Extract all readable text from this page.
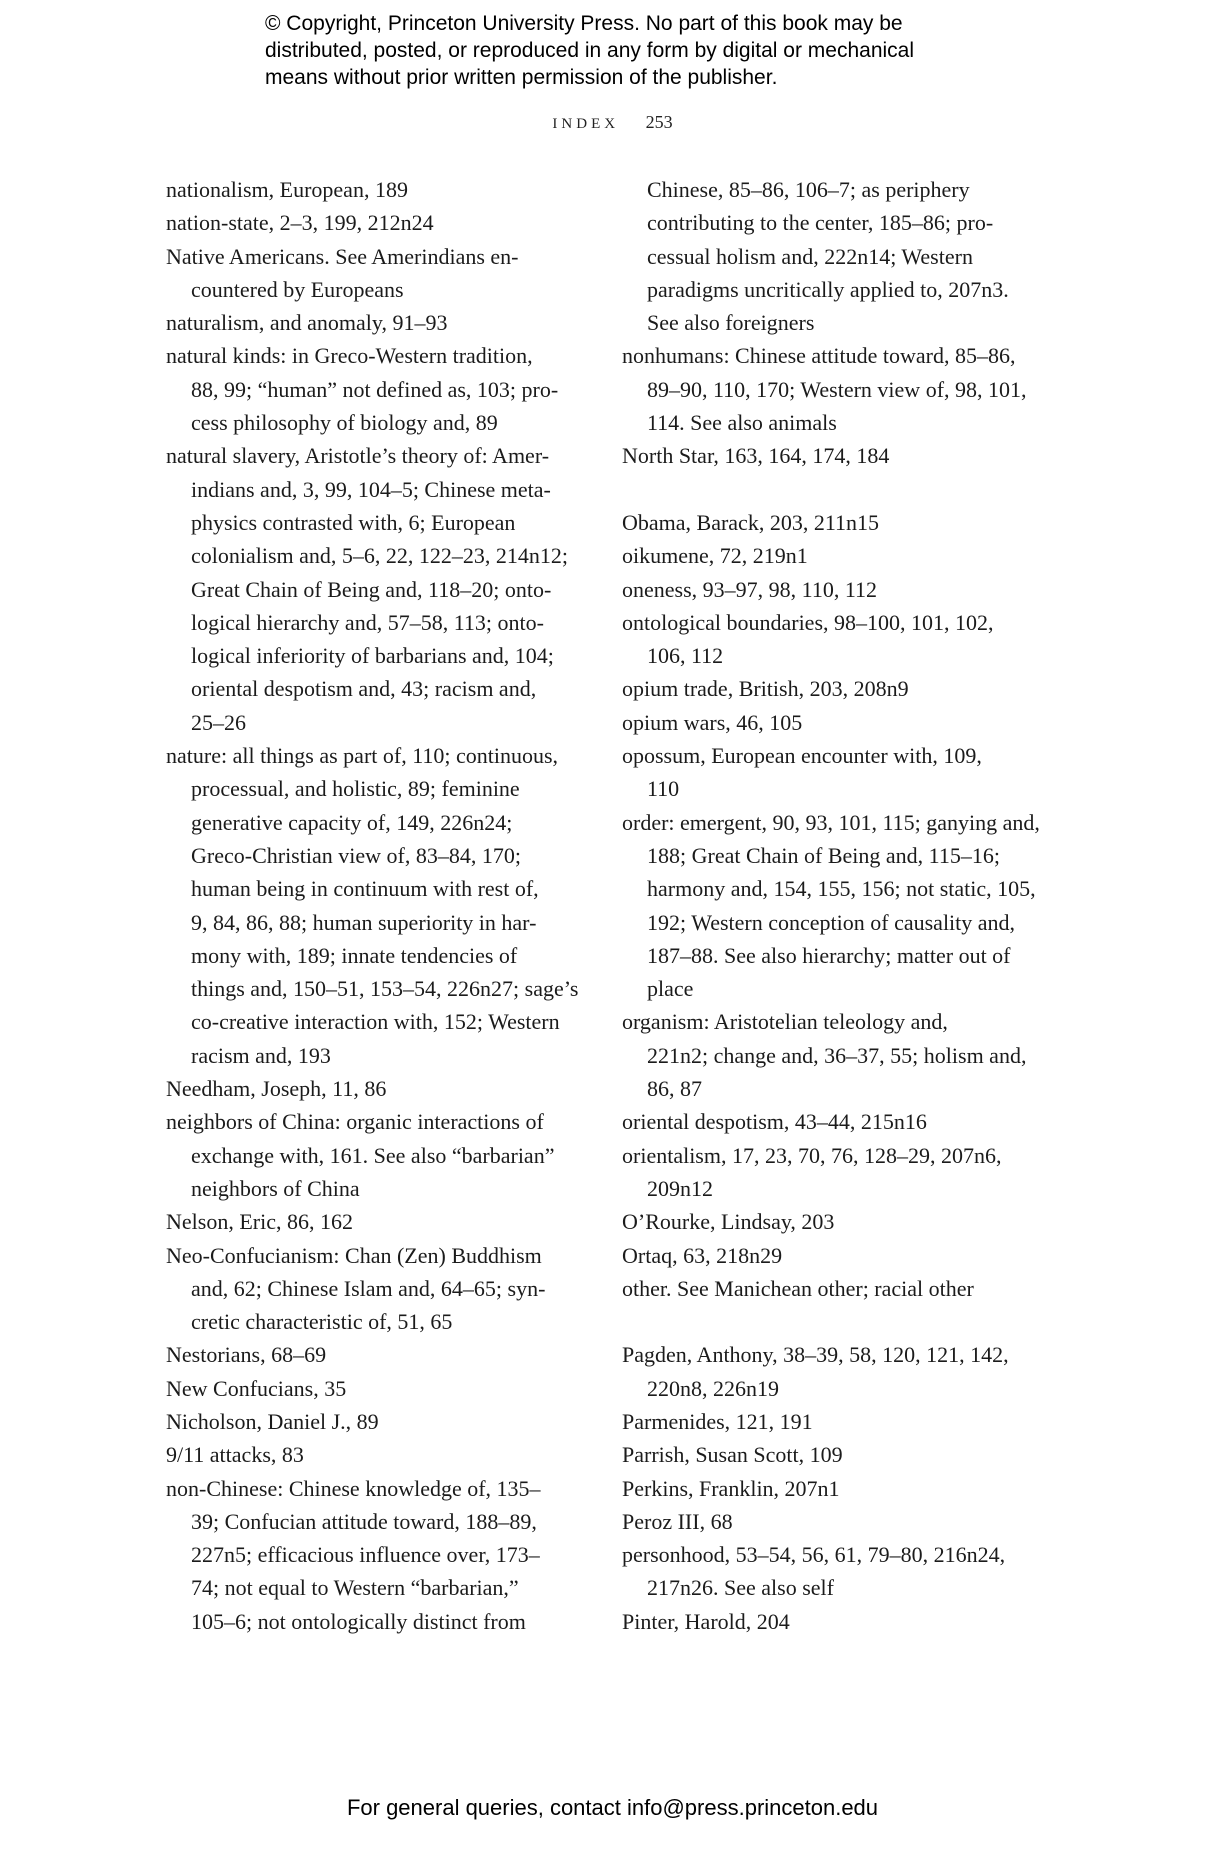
© Copyright, Princeton University Press. No part of this book may be
distributed, posted, or reproduced in any form by digital or mechanical
means without prior written permission of the publisher.
INDEX 253
nationalism, European, 189
nation-state, 2–3, 199, 212n24
Native Americans. See Amerindians en-
countered by Europeans
naturalism, and anomaly, 91–93
natural kinds: in Greco-Western tradition,
88, 99; “human” not defined as, 103; pro-
cess philosophy of biology and, 89
natural slavery, Aristotle’s theory of: Amer-
indians and, 3, 99, 104–5; Chinese meta-
physics contrasted with, 6; European
colonialism and, 5–6, 22, 122–23, 214n12;
Great Chain of Being and, 118–20; onto-
logical hierarchy and, 57–58, 113; onto-
logical inferiority of barbarians and, 104;
oriental despotism and, 43; racism and,
25–26
nature: all things as part of, 110; continuous,
processual, and holistic, 89; feminine
generative capacity of, 149, 226n24;
Greco-Christian view of, 83–84, 170;
human being in continuum with rest of,
9, 84, 86, 88; human superiority in har-
mony with, 189; innate tendencies of
things and, 150–51, 153–54, 226n27; sage’s
co-creative interaction with, 152; Western
racism and, 193
Needham, Joseph, 11, 86
neighbors of China: organic interactions of
exchange with, 161. See also “barbarian”
neighbors of China
Nelson, Eric, 86, 162
Neo-Confucianism: Chan (Zen) Buddhism
and, 62; Chinese Islam and, 64–65; syn-
cretic characteristic of, 51, 65
Nestorians, 68–69
New Confucians, 35
Nicholson, Daniel J., 89
9/11 attacks, 83
non-Chinese: Chinese knowledge of, 135–
39; Confucian attitude toward, 188–89,
227n5; efficacious influence over, 173–
74; not equal to Western “barbarian,”
105–6; not ontologically distinct from
Chinese, 85–86, 106–7; as periphery
contributing to the center, 185–86; pro-
cessual holism and, 222n14; Western
paradigms uncritically applied to, 207n3.
See also foreigners
nonhumans: Chinese attitude toward, 85–86,
89–90, 110, 170; Western view of, 98, 101,
114. See also animals
North Star, 163, 164, 174, 184
Obama, Barack, 203, 211n15
oikumene, 72, 219n1
oneness, 93–97, 98, 110, 112
ontological boundaries, 98–100, 101, 102,
106, 112
opium trade, British, 203, 208n9
opium wars, 46, 105
opossum, European encounter with, 109,
110
order: emergent, 90, 93, 101, 115; ganying and,
188; Great Chain of Being and, 115–16;
harmony and, 154, 155, 156; not static, 105,
192; Western conception of causality and,
187–88. See also hierarchy; matter out of
place
organism: Aristotelian teleology and,
221n2; change and, 36–37, 55; holism and,
86, 87
oriental despotism, 43–44, 215n16
orientalism, 17, 23, 70, 76, 128–29, 207n6,
209n12
O’Rourke, Lindsay, 203
Ortaq, 63, 218n29
other. See Manichean other; racial other
Pagden, Anthony, 38–39, 58, 120, 121, 142,
220n8, 226n19
Parmenides, 121, 191
Parrish, Susan Scott, 109
Perkins, Franklin, 207n1
Peroz III, 68
personhood, 53–54, 56, 61, 79–80, 216n24,
217n26. See also self
Pinter, Harold, 204
For general queries, contact info@press.princeton.edu
